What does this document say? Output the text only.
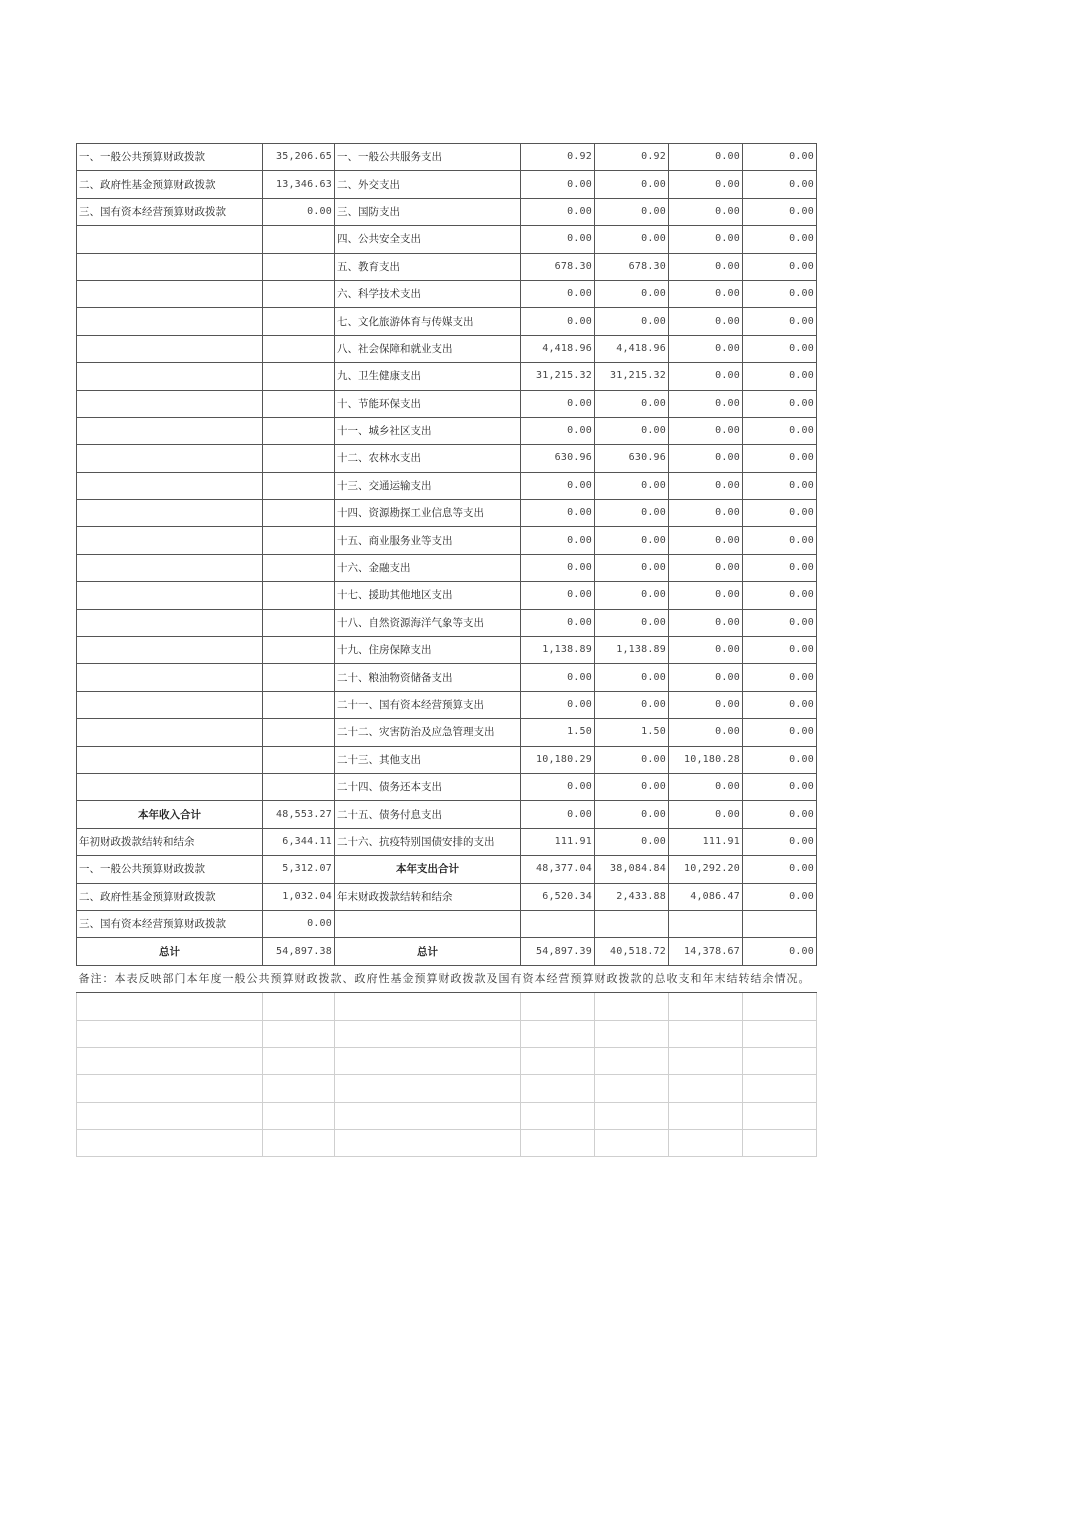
一、一般公共预算财政拨款	35,206.65	一、一般公共服务支出	0.92	0.92	0.00	0.00
二、政府性基金预算财政拨款	13,346.63	二、外交支出	0.00	0.00	0.00	0.00
三、国有资本经营预算财政拨款	0.00	三、国防支出	0.00	0.00	0.00	0.00
		四、公共安全支出	0.00	0.00	0.00	0.00
		五、教育支出	678.30	678.30	0.00	0.00
		六、科学技术支出	0.00	0.00	0.00	0.00
		七、文化旅游体育与传媒支出	0.00	0.00	0.00	0.00
		八、社会保障和就业支出	4,418.96	4,418.96	0.00	0.00
		九、卫生健康支出	31,215.32	31,215.32	0.00	0.00
		十、节能环保支出	0.00	0.00	0.00	0.00
		十一、城乡社区支出	0.00	0.00	0.00	0.00
		十二、农林水支出	630.96	630.96	0.00	0.00
		十三、交通运输支出	0.00	0.00	0.00	0.00
		十四、资源勘探工业信息等支出	0.00	0.00	0.00	0.00
		十五、商业服务业等支出	0.00	0.00	0.00	0.00
		十六、金融支出	0.00	0.00	0.00	0.00
		十七、援助其他地区支出	0.00	0.00	0.00	0.00
		十八、自然资源海洋气象等支出	0.00	0.00	0.00	0.00
		十九、住房保障支出	1,138.89	1,138.89	0.00	0.00
		二十、粮油物资储备支出	0.00	0.00	0.00	0.00
		二十一、国有资本经营预算支出	0.00	0.00	0.00	0.00
		二十二、灾害防治及应急管理支出	1.50	1.50	0.00	0.00
		二十三、其他支出	10,180.29	0.00	10,180.28	0.00
		二十四、债务还本支出	0.00	0.00	0.00	0.00
本年收入合计	48,553.27	二十五、债务付息支出	0.00	0.00	0.00	0.00
年初财政拨款结转和结余	6,344.11	二十六、抗疫特别国债安排的支出	111.91	0.00	111.91	0.00
一、一般公共预算财政拨款	5,312.07	本年支出合计	48,377.04	38,084.84	10,292.20	0.00
二、政府性基金预算财政拨款	1,032.04	年末财政拨款结转和结余	6,520.34	2,433.88	4,086.47	0.00
三、国有资本经营预算财政拨款	0.00					
总计	54,897.38	总计	54,897.39	40,518.72	14,378.67	0.00
备注：本表反映部门本年度一般公共预算财政拨款、政府性基金预算财政拨款及国有资本经营预算财政拨款的总收支和年末结转结余情况。						
